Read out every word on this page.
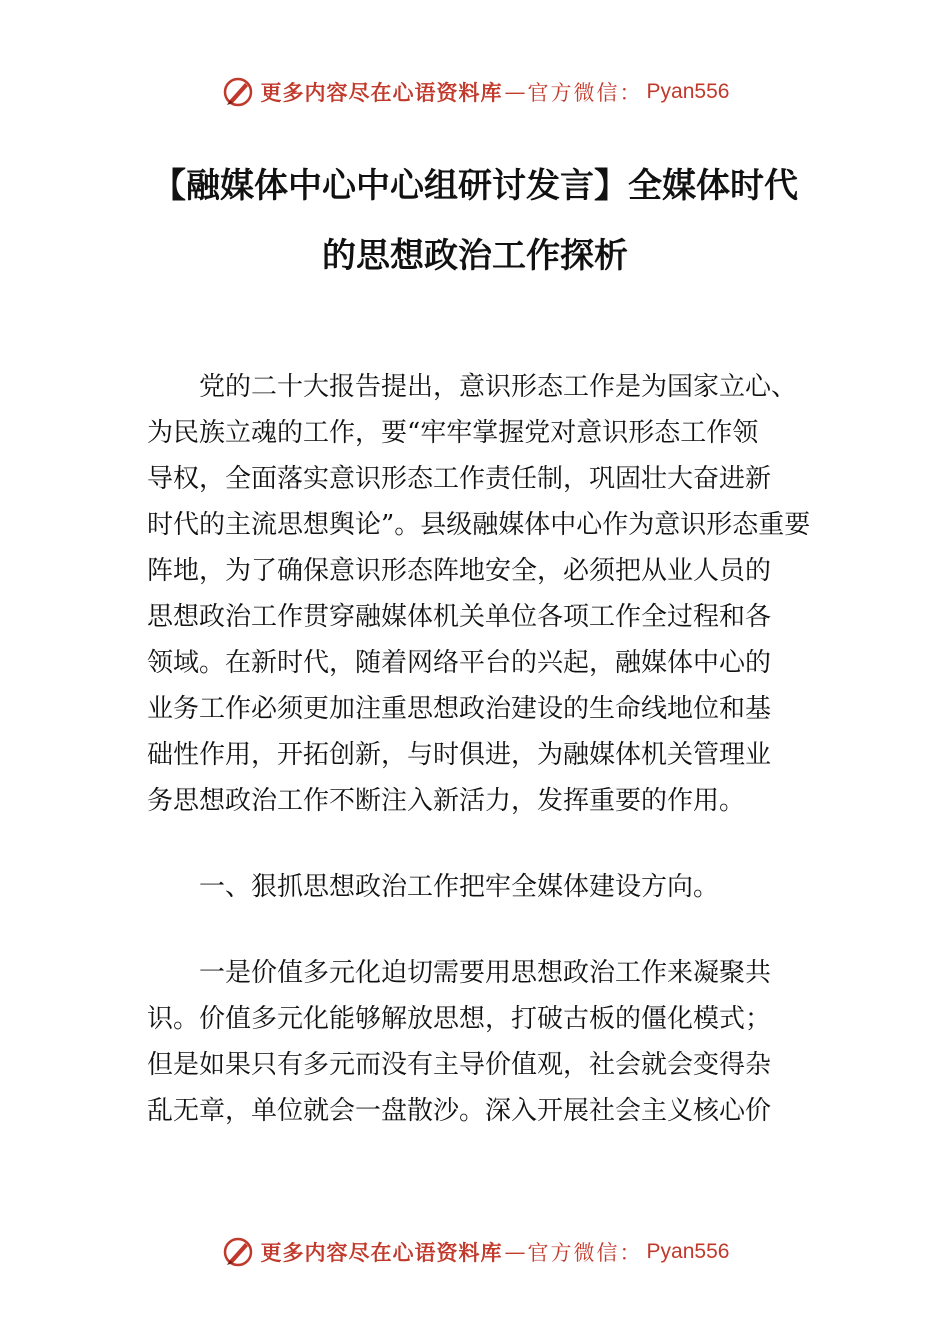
更多内容尽在心语资料库 — 官方微信： Pyan556
【融媒体中心中心组研讨发言】全媒体时代
的思想政治工作探析
　　党的二十大报告提出，意识形态工作是为国家立心、
为民族立魂的工作，要“牢牢掌握党对意识形态工作领
导权，全面落实意识形态工作责任制，巩固壮大奋进新
时代的主流思想舆论”。县级融媒体中心作为意识形态重要
阵地，为了确保意识形态阵地安全，必须把从业人员的
思想政治工作贯穿融媒体机关单位各项工作全过程和各
领域。在新时代，随着网络平台的兴起，融媒体中心的
业务工作必须更加注重思想政治建设的生命线地位和基
础性作用，开拓创新，与时俱进，为融媒体机关管理业
务思想政治工作不断注入新活力，发挥重要的作用。
　　一、狠抓思想政治工作把牢全媒体建设方向。
　　一是价值多元化迫切需要用思想政治工作来凝聚共
识。价值多元化能够解放思想，打破古板的僵化模式；
但是如果只有多元而没有主导价值观，社会就会变得杂
乱无章，单位就会一盘散沙。深入开展社会主义核心价
更多内容尽在心语资料库 — 官方微信： Pyan556
